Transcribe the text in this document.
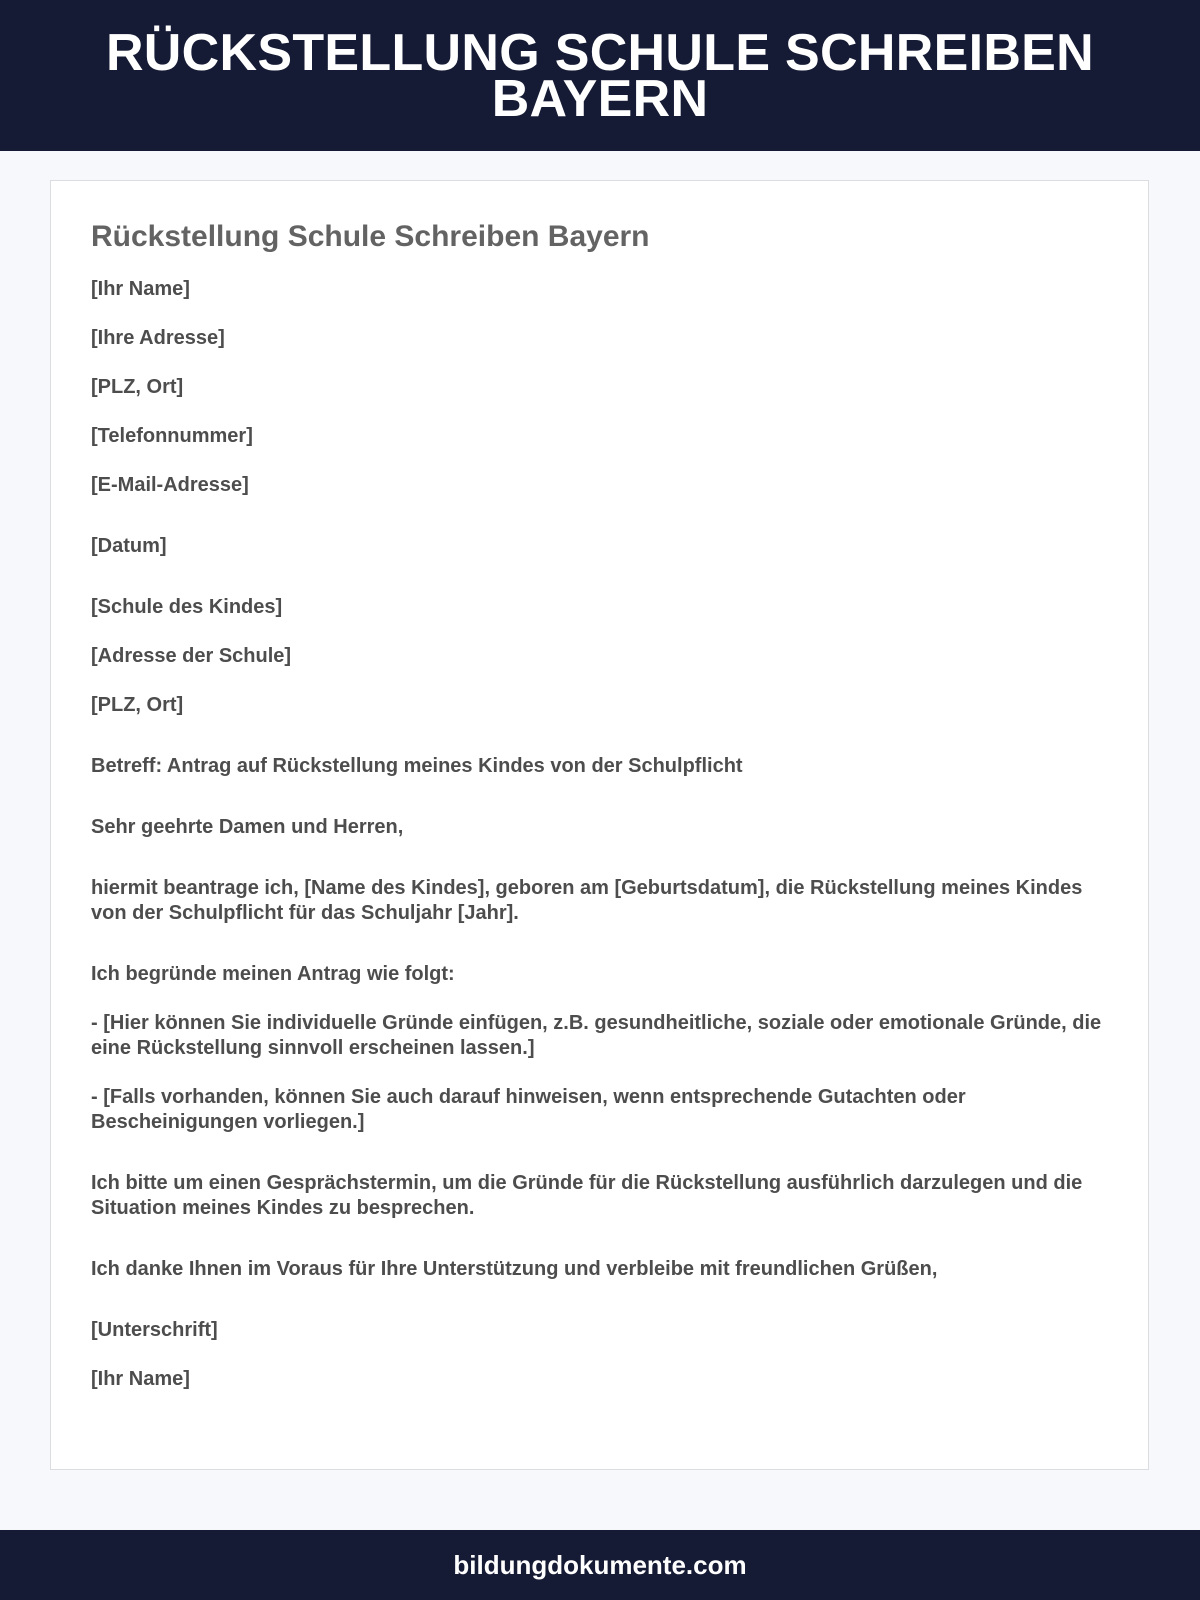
RÜCKSTELLUNG SCHULE SCHREIBEN BAYERN
Rückstellung Schule Schreiben Bayern

[Ihr Name]

[Ihre Adresse]

[PLZ, Ort]

[Telefonnummer]

[E-Mail-Adresse]

[Datum]

[Schule des Kindes]

[Adresse der Schule]

[PLZ, Ort]

Betreff: Antrag auf Rückstellung meines Kindes von der Schulpflicht

Sehr geehrte Damen und Herren,

hiermit beantrage ich, [Name des Kindes], geboren am [Geburtsdatum], die Rückstellung meines Kindes von der Schulpflicht für das Schuljahr [Jahr].

Ich begründe meinen Antrag wie folgt:

- [Hier können Sie individuelle Gründe einfügen, z.B. gesundheitliche, soziale oder emotionale Gründe, die eine Rückstellung sinnvoll erscheinen lassen.]

- [Falls vorhanden, können Sie auch darauf hinweisen, wenn entsprechende Gutachten oder Bescheinigungen vorliegen.]

Ich bitte um einen Gesprächstermin, um die Gründe für die Rückstellung ausführlich darzulegen und die Situation meines Kindes zu besprechen.

Ich danke Ihnen im Voraus für Ihre Unterstützung und verbleibe mit freundlichen Grüßen,

[Unterschrift]

[Ihr Name]

bildungdokumente.com
